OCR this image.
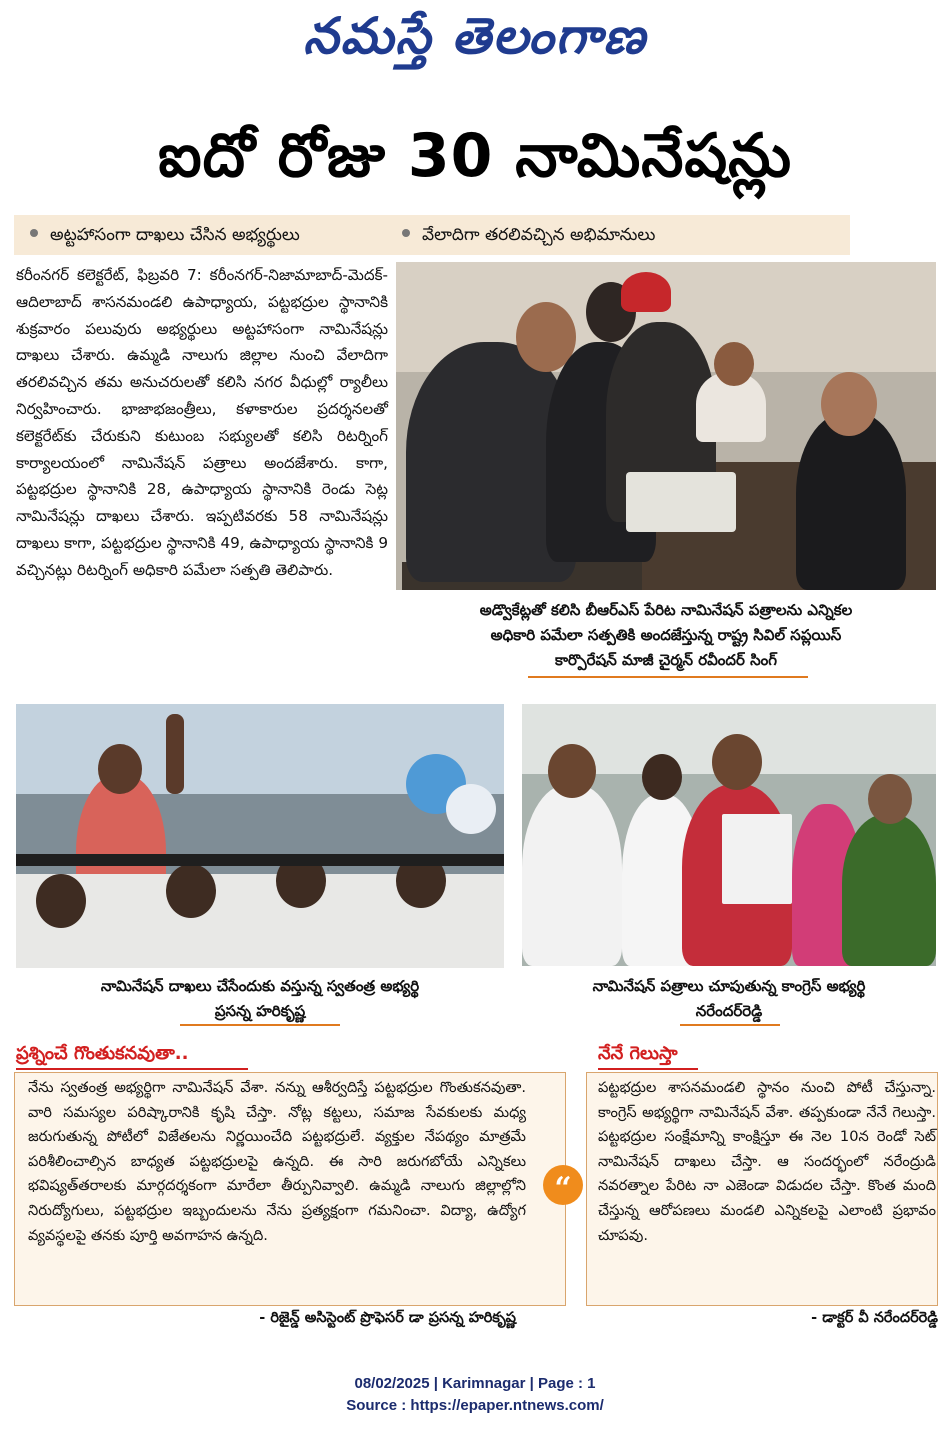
నమస్తే తెలంగాణ
ఐదో రోజు 30 నామినేషన్లు
అట్టహాసంగా దాఖలు చేసిన అభ్యర్థులు	వేలాదిగా తరలివచ్చిన అభిమానులు
కరీంనగర్ కలెక్టరేట్, ఫిబ్రవరి 7: కరీంనగర్-నిజామాబాద్-మెదక్-ఆదిలాబాద్ శాసనమండలి ఉపాధ్యాయ, పట్టభద్రుల స్థానానికి శుక్రవారం పలువురు అభ్యర్థులు అట్టహాసంగా నామినేషన్లు దాఖలు చేశారు. ఉమ్మడి నాలుగు జిల్లాల నుంచి వేలాదిగా తరలివచ్చిన తమ అనుచరులతో కలిసి నగర వీధుల్లో ర్యాలీలు నిర్వహించారు. భాజాభజంత్రీలు, కళాకారుల ప్రదర్శనలతో కలెక్టరేట్‌కు చేరుకుని కుటుంబ సభ్యులతో కలిసి రిటర్నింగ్ కార్యాలయంలో నామినేషన్ పత్రాలు అందజేశారు. కాగా, పట్టభద్రుల స్థానానికి 28, ఉపాధ్యాయ స్థానానికి రెండు సెట్ల నామినేషన్లు దాఖలు చేశారు. ఇప్పటివరకు 58 నామినేషన్లు దాఖలు కాగా, పట్టభద్రుల స్థానానికి 49, ఉపాధ్యాయ స్థానానికి 9 వచ్చినట్లు రిటర్నింగ్ అధికారి పమేలా సత్పతి తెలిపారు.
అడ్వొకేట్లతో కలిసి బీఆర్ఎస్ పేరిట నామినేషన్ పత్రాలను ఎన్నికల
అధికారి పమేలా సత్పతికి అందజేస్తున్న రాష్ట్ర సివిల్ సప్లయిస్
కార్పొరేషన్ మాజీ చైర్మన్ రవీందర్ సింగ్
నామినేషన్ దాఖలు చేసేందుకు వస్తున్న స్వతంత్ర అభ్యర్థి
ప్రసన్న హరికృష్ణ
నామినేషన్ పత్రాలు చూపుతున్న కాంగ్రెస్ అభ్యర్థి
నరేందర్‌రెడ్డి
ప్రశ్నించే గొంతుకనవుతా..
నేను స్వతంత్ర అభ్యర్థిగా నామినేషన్ వేశా. నన్ను ఆశీర్వదిస్తే పట్టభద్రుల గొంతుకనవుతా. వారి సమస్యల పరిష్కారానికి కృషి చేస్తా. నోట్ల కట్టలు, సమాజ సేవకులకు మధ్య జరుగుతున్న పోటీలో విజేతలను నిర్ణయించేది పట్టభద్రులే. వ్యక్తుల నేపథ్యం మాత్రమే పరిశీలించాల్సిన బాధ్యత పట్టభద్రులపై ఉన్నది. ఈ సారి జరుగబోయే ఎన్నికలు భవిష్యత్‌తరాలకు మార్గదర్శకంగా మారేలా తీర్పునివ్వాలి. ఉమ్మడి నాలుగు జిల్లాల్లోని నిరుద్యోగులు, పట్టభద్రుల ఇబ్బందులను నేను ప్రత్యక్షంగా గమనించా. విద్యా, ఉద్యోగ వ్యవస్థలపై తనకు పూర్తి అవగాహన ఉన్నది.
- రిజైన్డ్ అసిస్టెంట్ ప్రొఫెసర్ డా ప్రసన్న హరికృష్ణ
“
నేనే గెలుస్తా
పట్టభద్రుల శాసనమండలి స్థానం నుంచి పోటీ చేస్తున్నా. కాంగ్రెస్ అభ్యర్థిగా నామినేషన్ వేశా. తప్పకుండా నేనే గెలుస్తా. పట్టభద్రుల సంక్షేమాన్ని కాంక్షిస్తూ ఈ నెల 10న రెండో సెట్ నామినేషన్ దాఖలు చేస్తా. ఆ సందర్భంలో నరేంద్రుడి నవరత్నాల పేరిట నా ఎజెండా విడుదల చేస్తా. కొంత మంది చేస్తున్న ఆరోపణలు మండలి ఎన్నికలపై ఎలాంటి ప్రభావం చూపవు.
- డాక్టర్ వీ నరేందర్‌రెడ్డి
08/02/2025 | Karimnagar | Page : 1
Source : https://epaper.ntnews.com/
